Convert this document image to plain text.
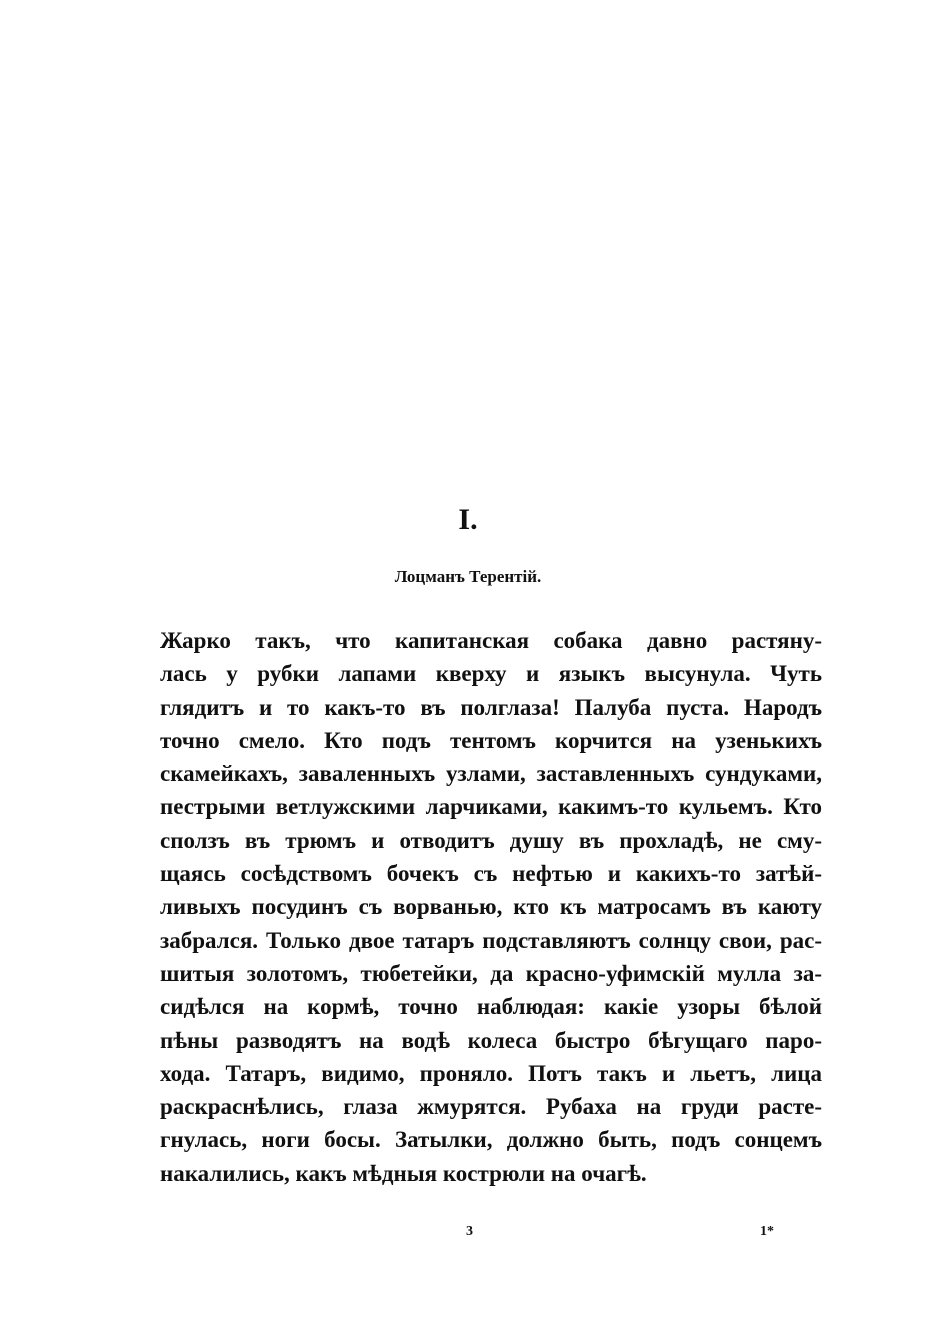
I.
Лоцманъ Терентій.
Жарко такъ, что капитанская собака давно растяну-
лась у рубки лапами кверху и языкъ высунула. Чуть
глядитъ и то какъ-то въ полглаза! Палуба пуста. Народъ
точно смело. Кто подъ тентомъ корчится на узенькихъ
скамейкахъ, заваленныхъ узлами, заставленныхъ сундуками,
пестрыми ветлужскими ларчиками, какимъ-то кульемъ. Кто
сползъ въ трюмъ и отводитъ душу въ прохладѣ, не сму-
щаясь сосѣдствомъ бочекъ съ нефтью и какихъ-то затѣй-
ливыхъ посудинъ съ ворванью, кто къ матросамъ въ каюту
забрался. Только двое татаръ подставляютъ солнцу свои, рас-
шитыя золотомъ, тюбетейки, да красно-уфимскій мулла за-
сидѣлся на кормѣ, точно наблюдая: какіе узоры бѣлой
пѣны разводятъ на водѣ колеса быстро бѣгущаго паро-
хода. Татаръ, видимо, проняло. Потъ такъ и льетъ, лица
раскраснѣлись, глаза жмурятся. Рубаха на груди расте-
гнулась, ноги босы. Затылки, должно быть, подъ сонцемъ
накалились, какъ мѣдныя кострюли на очагѣ.
3	1*
